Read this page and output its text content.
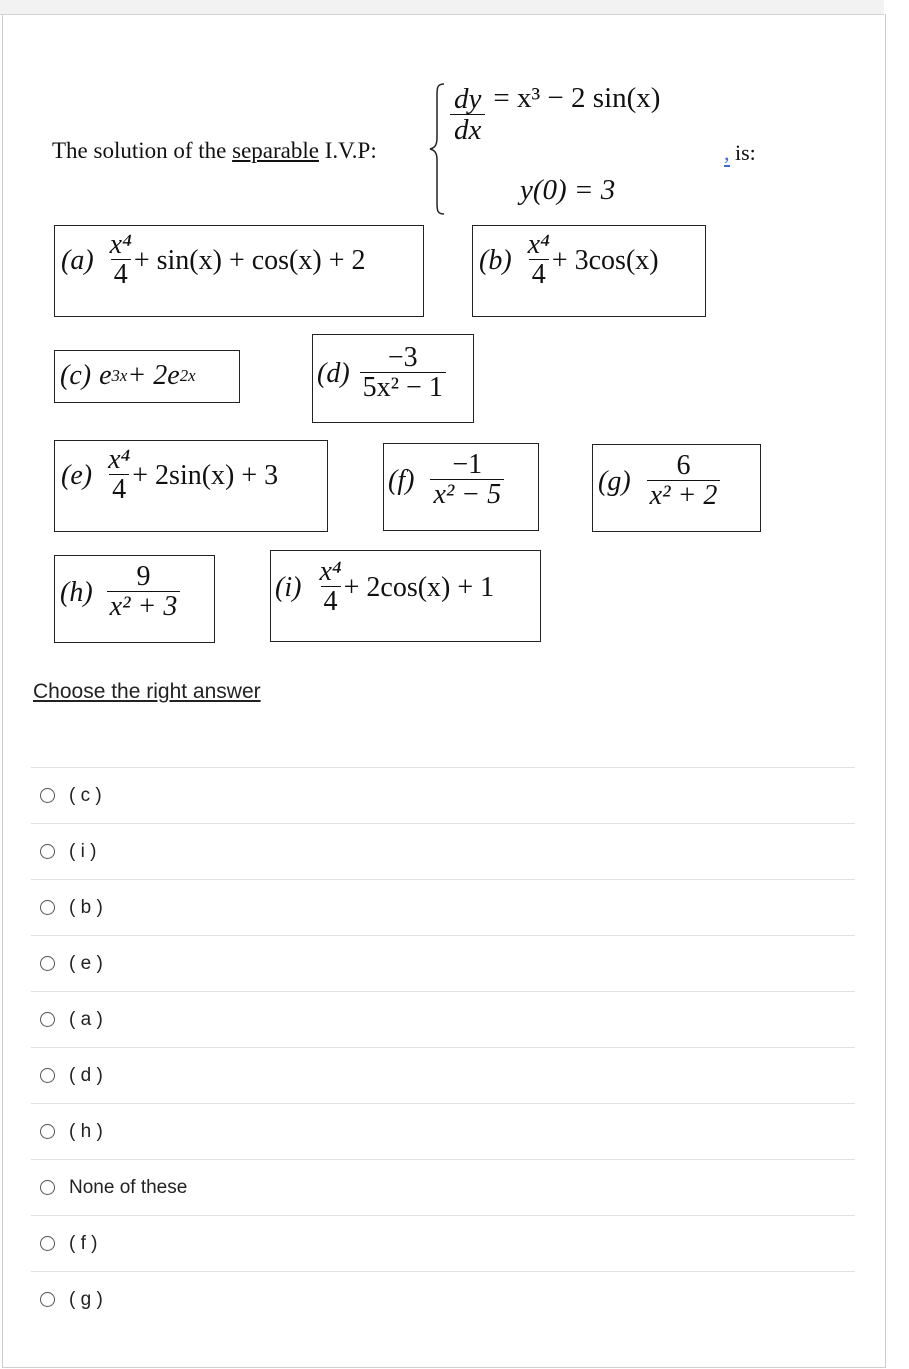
The solution of the separable I.V.P:
$\frac{dy}{dx} = x^3 - 2$ sin(x)
y(0) = 3
, is:
$(a) \frac{\text{x⁴}}{4} + \sin(x) + \cos(x) + 2$	$(b) \frac{\text{x⁴}}{4} + 3\cos(x)$
(c) e 3x + 2e 2x	$(d) \frac{-3}{\text{5x² − 1}}$
$(e) \frac{\text{x⁴}}{4} + 2\sin(x) + 3$	$(f) \frac{-1}{\text{x² − 5}}$	$(g) \frac{6}{\text{x² + 2}}$
$(h) \frac{9}{\text{x² + 3}}$	$(i) \frac{\text{x⁴}}{4} + 2\cos(x) + 1$
Choose the right answer
( c )
( i )
( b )
( e )
( a )
( d )
( h )
None of these
( f )
( g )
